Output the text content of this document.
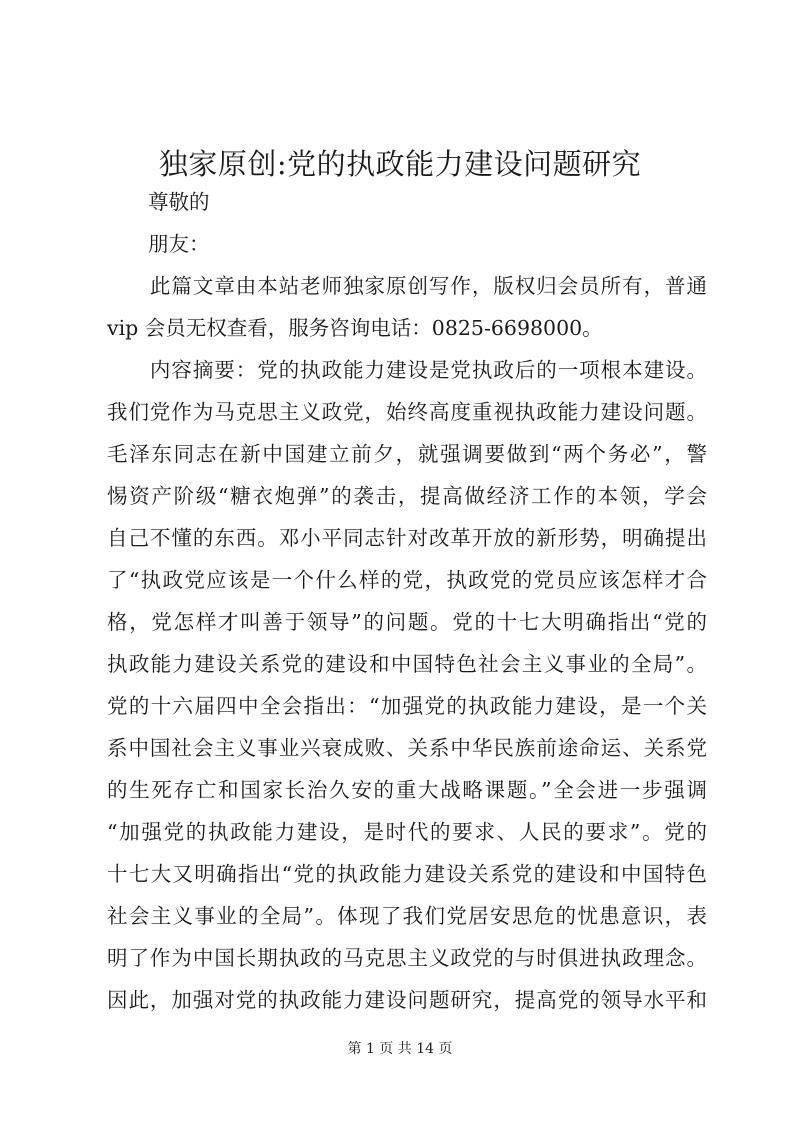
独家原创:党的执政能力建设问题研究
　　尊敬的
　　朋友：
　　此篇文章由本站老师独家原创写作，版权归会员所有，普通
vip 会员无权查看，服务咨询电话：0825-6698000。
　　内容摘要：党的执政能力建设是党执政后的一项根本建设。
我们党作为马克思主义政党，始终高度重视执政能力建设问题。
毛泽东同志在新中国建立前夕，就强调要做到“两个务必”，警
惕资产阶级“糖衣炮弹”的袭击，提高做经济工作的本领，学会
自己不懂的东西。邓小平同志针对改革开放的新形势，明确提出
了“执政党应该是一个什么样的党，执政党的党员应该怎样才合
格，党怎样才叫善于领导”的问题。党的十七大明确指出“党的
执政能力建设关系党的建设和中国特色社会主义事业的全局”。
党的十六届四中全会指出：“加强党的执政能力建设，是一个关
系中国社会主义事业兴衰成败、关系中华民族前途命运、关系党
的生死存亡和国家长治久安的重大战略课题。”全会进一步强调
“加强党的执政能力建设，是时代的要求、人民的要求”。党的
十七大又明确指出“党的执政能力建设关系党的建设和中国特色
社会主义事业的全局”。体现了我们党居安思危的忧患意识，表
明了作为中国长期执政的马克思主义政党的与时俱进执政理念。
因此，加强对党的执政能力建设问题研究，提高党的领导水平和
第 1 页 共 14 页
